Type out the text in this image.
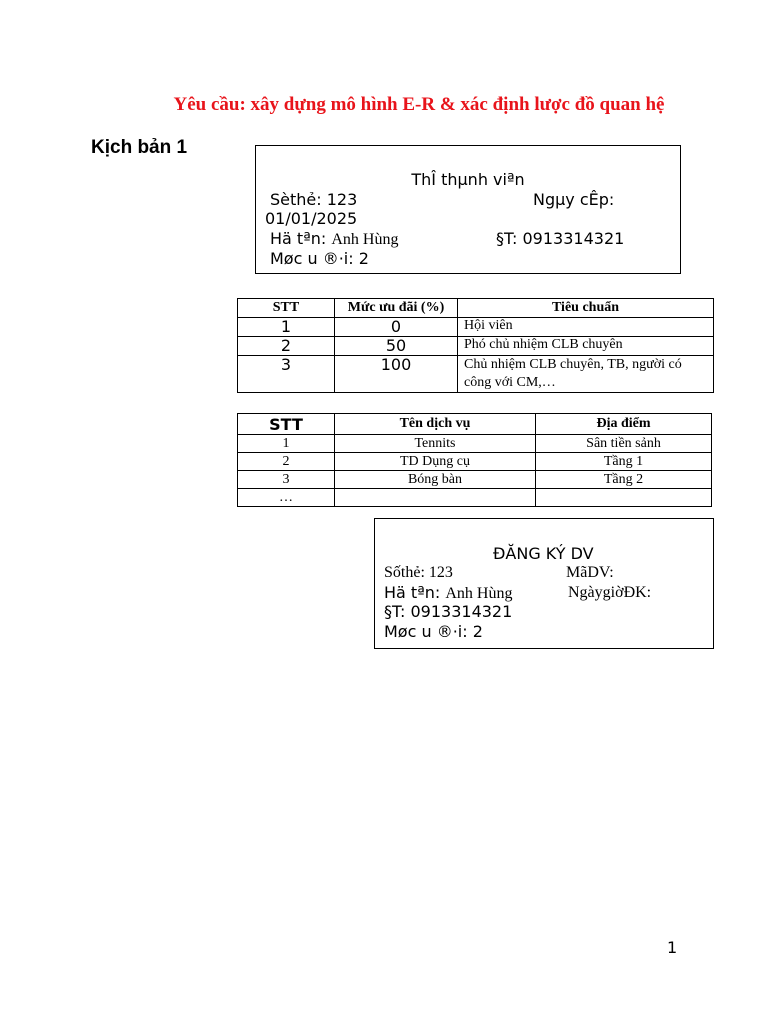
Yêu cầu: xây dựng mô hình E-R & xác định lược đồ quan hệ
Kịch bản 1
ThÎ thµnh viªn
Sèthẻ: 123	Ngµy cÊp:
01/01/2025
Hä tªn: Anh Hùng	§T: 0913314321
Møc u ®·i: 2
STT	Mức ưu đãi (%)	Tiêu chuẩn
1	0	Hội viên
2	50	Phó chủ nhiệm CLB chuyên
3	100	Chủ nhiệm CLB chuyên, TB, người có công với CM,…
STT	Tên dịch vụ	Địa điểm
1	Tennits	Sân tiền sảnh
2	TD Dụng cụ	Tầng 1
3	Bóng bàn	Tầng 2
…		
ĐĂNG KÝ DV
Sốthẻ: 123	MãDV:
Hä tªn: Anh Hùng	NgàygiờĐK:
§T: 0913314321
Møc u ®·i: 2
1
